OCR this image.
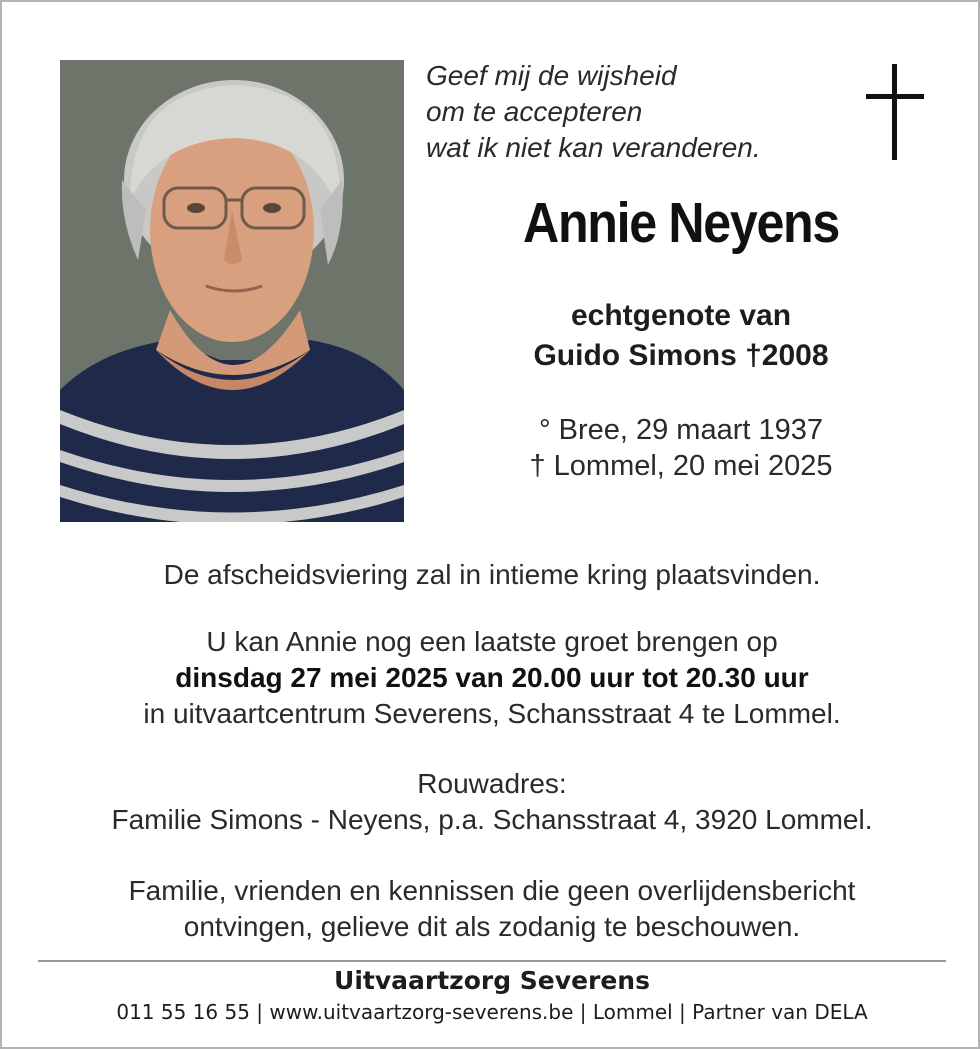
Geef mij de wijsheid
om te accepteren
wat ik niet kan veranderen.
Annie Neyens
echtgenote van
Guido Simons †2008
° Bree, 29 maart 1937
† Lommel, 20 mei 2025
De afscheidsviering zal in intieme kring plaatsvinden.
U kan Annie nog een laatste groet brengen op
dinsdag 27 mei 2025 van 20.00 uur tot 20.30 uur
in uitvaartcentrum Severens, Schansstraat 4 te Lommel.
Rouwadres:
Familie Simons - Neyens, p.a. Schansstraat 4, 3920 Lommel.
Familie, vrienden en kennissen die geen overlijdensbericht
ontvingen, gelieve dit als zodanig te beschouwen.
Uitvaartzorg Severens
011 55 16 55 | www.uitvaartzorg-severens.be | Lommel | Partner van DELA
